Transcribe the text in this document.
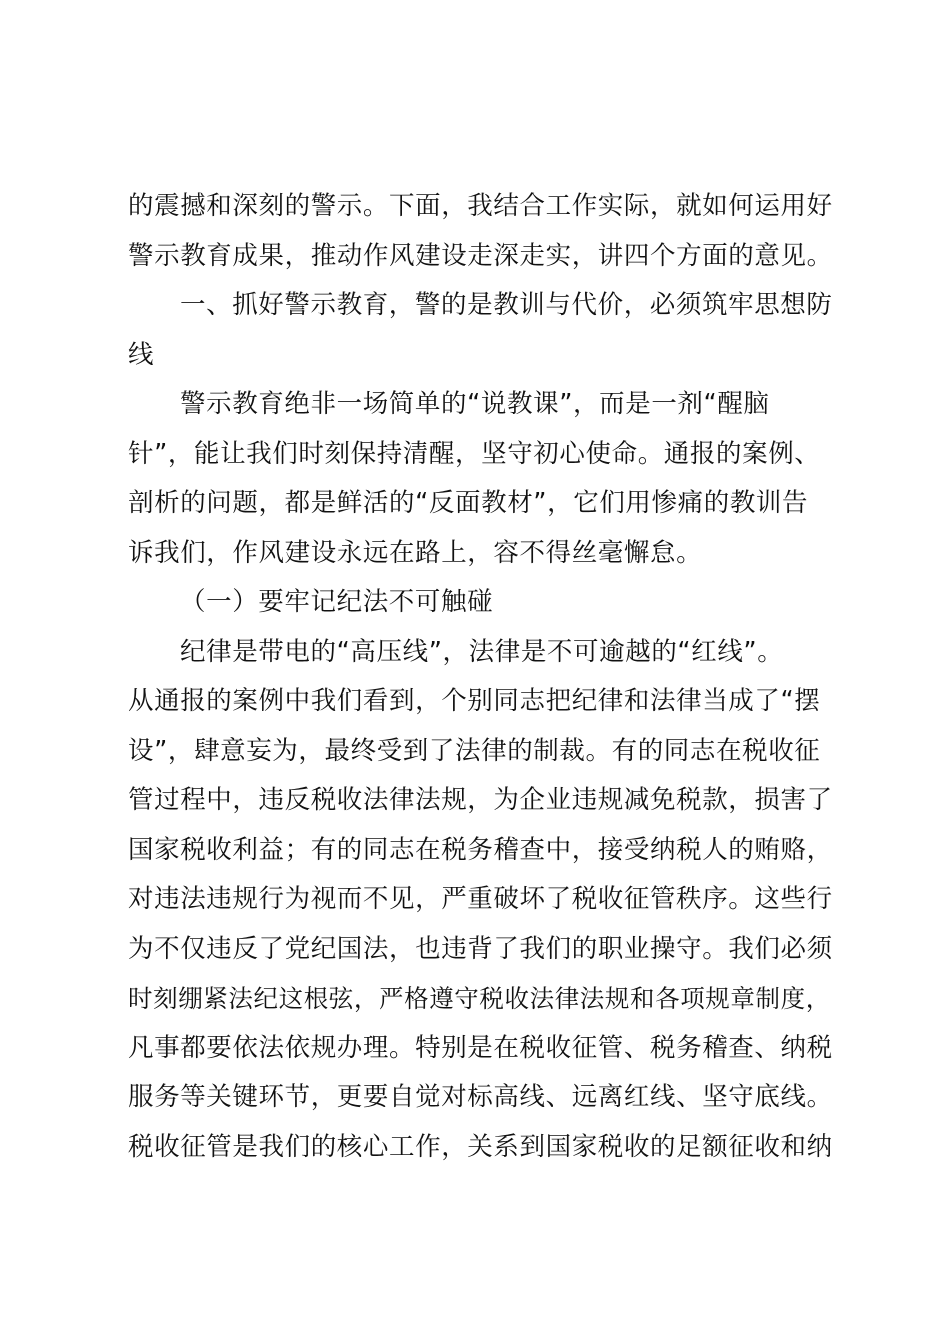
的震撼和深刻的警示。下面，我结合工作实际，就如何运用好
警示教育成果，推动作风建设走深走实，讲四个方面的意见。
一、抓好警示教育，警的是教训与代价，必须筑牢思想防
线
警示教育绝非一场简单的“说教课”，而是一剂“醒脑
针”，能让我们时刻保持清醒，坚守初心使命。通报的案例、
剖析的问题，都是鲜活的“反面教材”，它们用惨痛的教训告
诉我们，作风建设永远在路上，容不得丝毫懈怠。
（一）要牢记纪法不可触碰
纪律是带电的“高压线”，法律是不可逾越的“红线”。
从通报的案例中我们看到，个别同志把纪律和法律当成了“摆
设”，肆意妄为，最终受到了法律的制裁。有的同志在税收征
管过程中，违反税收法律法规，为企业违规减免税款，损害了
国家税收利益；有的同志在税务稽查中，接受纳税人的贿赂，
对违法违规行为视而不见，严重破坏了税收征管秩序。这些行
为不仅违反了党纪国法，也违背了我们的职业操守。我们必须
时刻绷紧法纪这根弦，严格遵守税收法律法规和各项规章制度，
凡事都要依法依规办理。特别是在税收征管、税务稽查、纳税
服务等关键环节，更要自觉对标高线、远离红线、坚守底线。
税收征管是我们的核心工作，关系到国家税收的足额征收和纳
